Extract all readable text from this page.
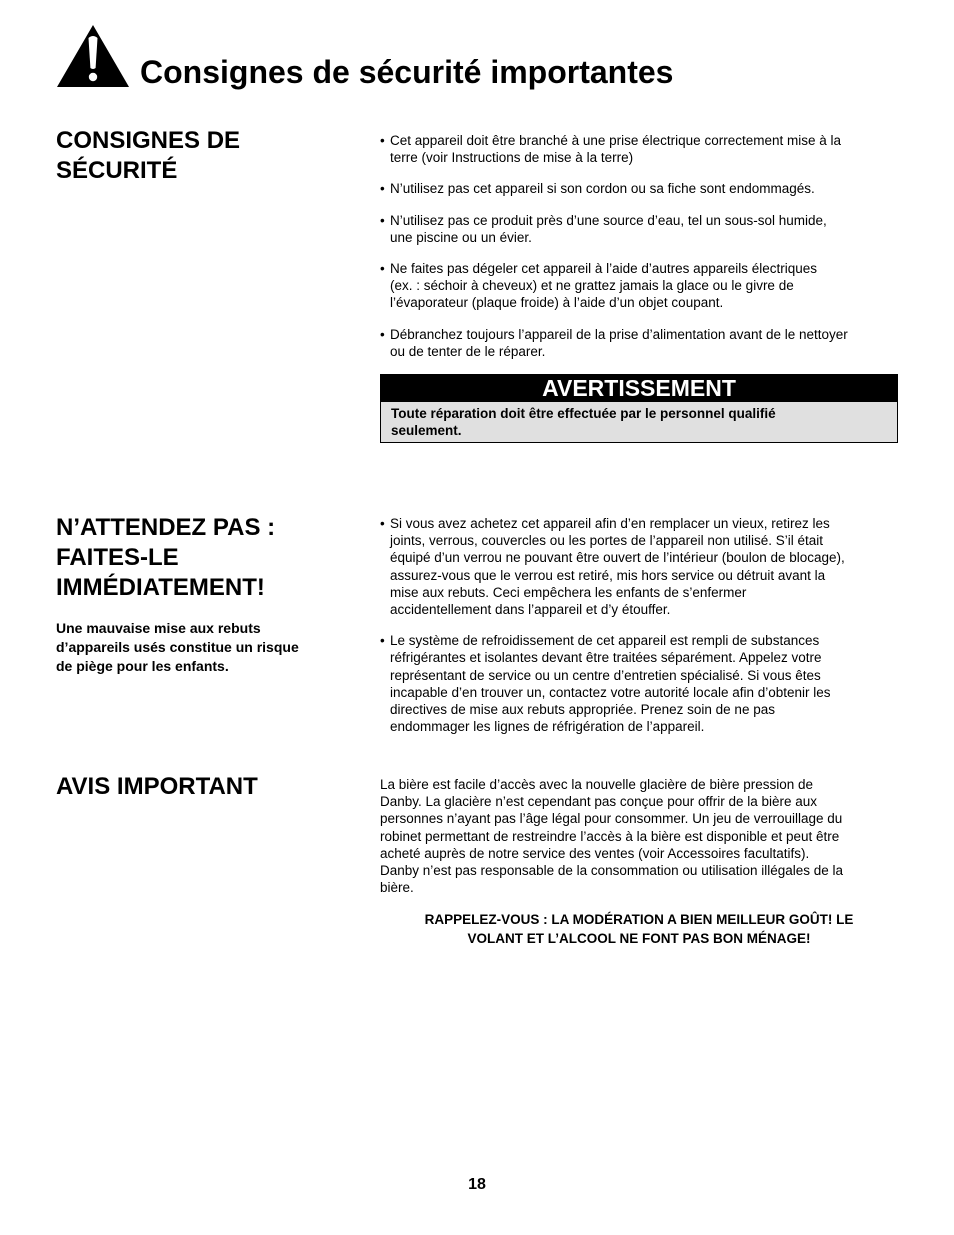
Consignes de sécurité importantes
CONSIGNES DE
SÉCURITÉ
• Cet appareil doit être branché à une prise électrique correctement mise à la
terre (voir Instructions de mise à la terre)
• N’utilisez pas cet appareil si son cordon ou sa fiche sont endommagés.
• N’utilisez pas ce produit près d’une source d’eau, tel un sous-sol humide,
une piscine ou un évier.
• Ne faites pas dégeler cet appareil à l’aide d’autres appareils électriques
(ex. : séchoir à cheveux) et ne grattez jamais la glace ou le givre de
l’évaporateur (plaque froide) à l’aide d’un objet coupant.
• Débranchez toujours l’appareil de la prise d’alimentation avant de le nettoyer
ou de tenter de le réparer.
AVERTISSEMENT
Toute réparation doit être effectuée par le personnel qualifié
seulement.
N’ATTENDEZ PAS :
FAITES-LE
IMMÉDIATEMENT!

Une mauvaise mise aux rebuts
d’appareils usés constitue un risque
de piège pour les enfants.

• Si vous avez achetez cet appareil afin d’en remplacer un vieux, retirez les
joints, verrous, couvercles ou les portes de l’appareil non utilisé. S’il était
équipé d’un verrou ne pouvant être ouvert de l’intérieur (boulon de blocage),
assurez-vous que le verrou est retiré, mis hors service ou détruit avant la
mise aux rebuts. Ceci empêchera les enfants de s’enfermer
accidentellement dans l’appareil et d’y étouffer.
• Le système de refroidissement de cet appareil est rempli de substances
réfrigérantes et isolantes devant être traitées séparément. Appelez votre
représentant de service ou un centre d’entretien spécialisé. Si vous êtes
incapable d’en trouver un, contactez votre autorité locale afin d’obtenir les
directives de mise aux rebuts appropriée. Prenez soin de ne pas
endommager les lignes de réfrigération de l’appareil.
AVIS IMPORTANT	La bière est facile d’accès avec la nouvelle glacière de bière pression de
Danby. La glacière n’est cependant pas conçue pour offrir de la bière aux
personnes n’ayant pas l’âge légal pour consommer. Un jeu de verrouillage du
robinet permettant de restreindre l’accès à la bière est disponible et peut être
acheté auprès de notre service des ventes (voir Accessoires facultatifs).
Danby n’est pas responsable de la consommation ou utilisation illégales de la
bière.

RAPPELEZ-VOUS : LA MODÉRATION A BIEN MEILLEUR GOÛT! LE
VOLANT ET L’ALCOOL NE FONT PAS BON MÉNAGE!

18
